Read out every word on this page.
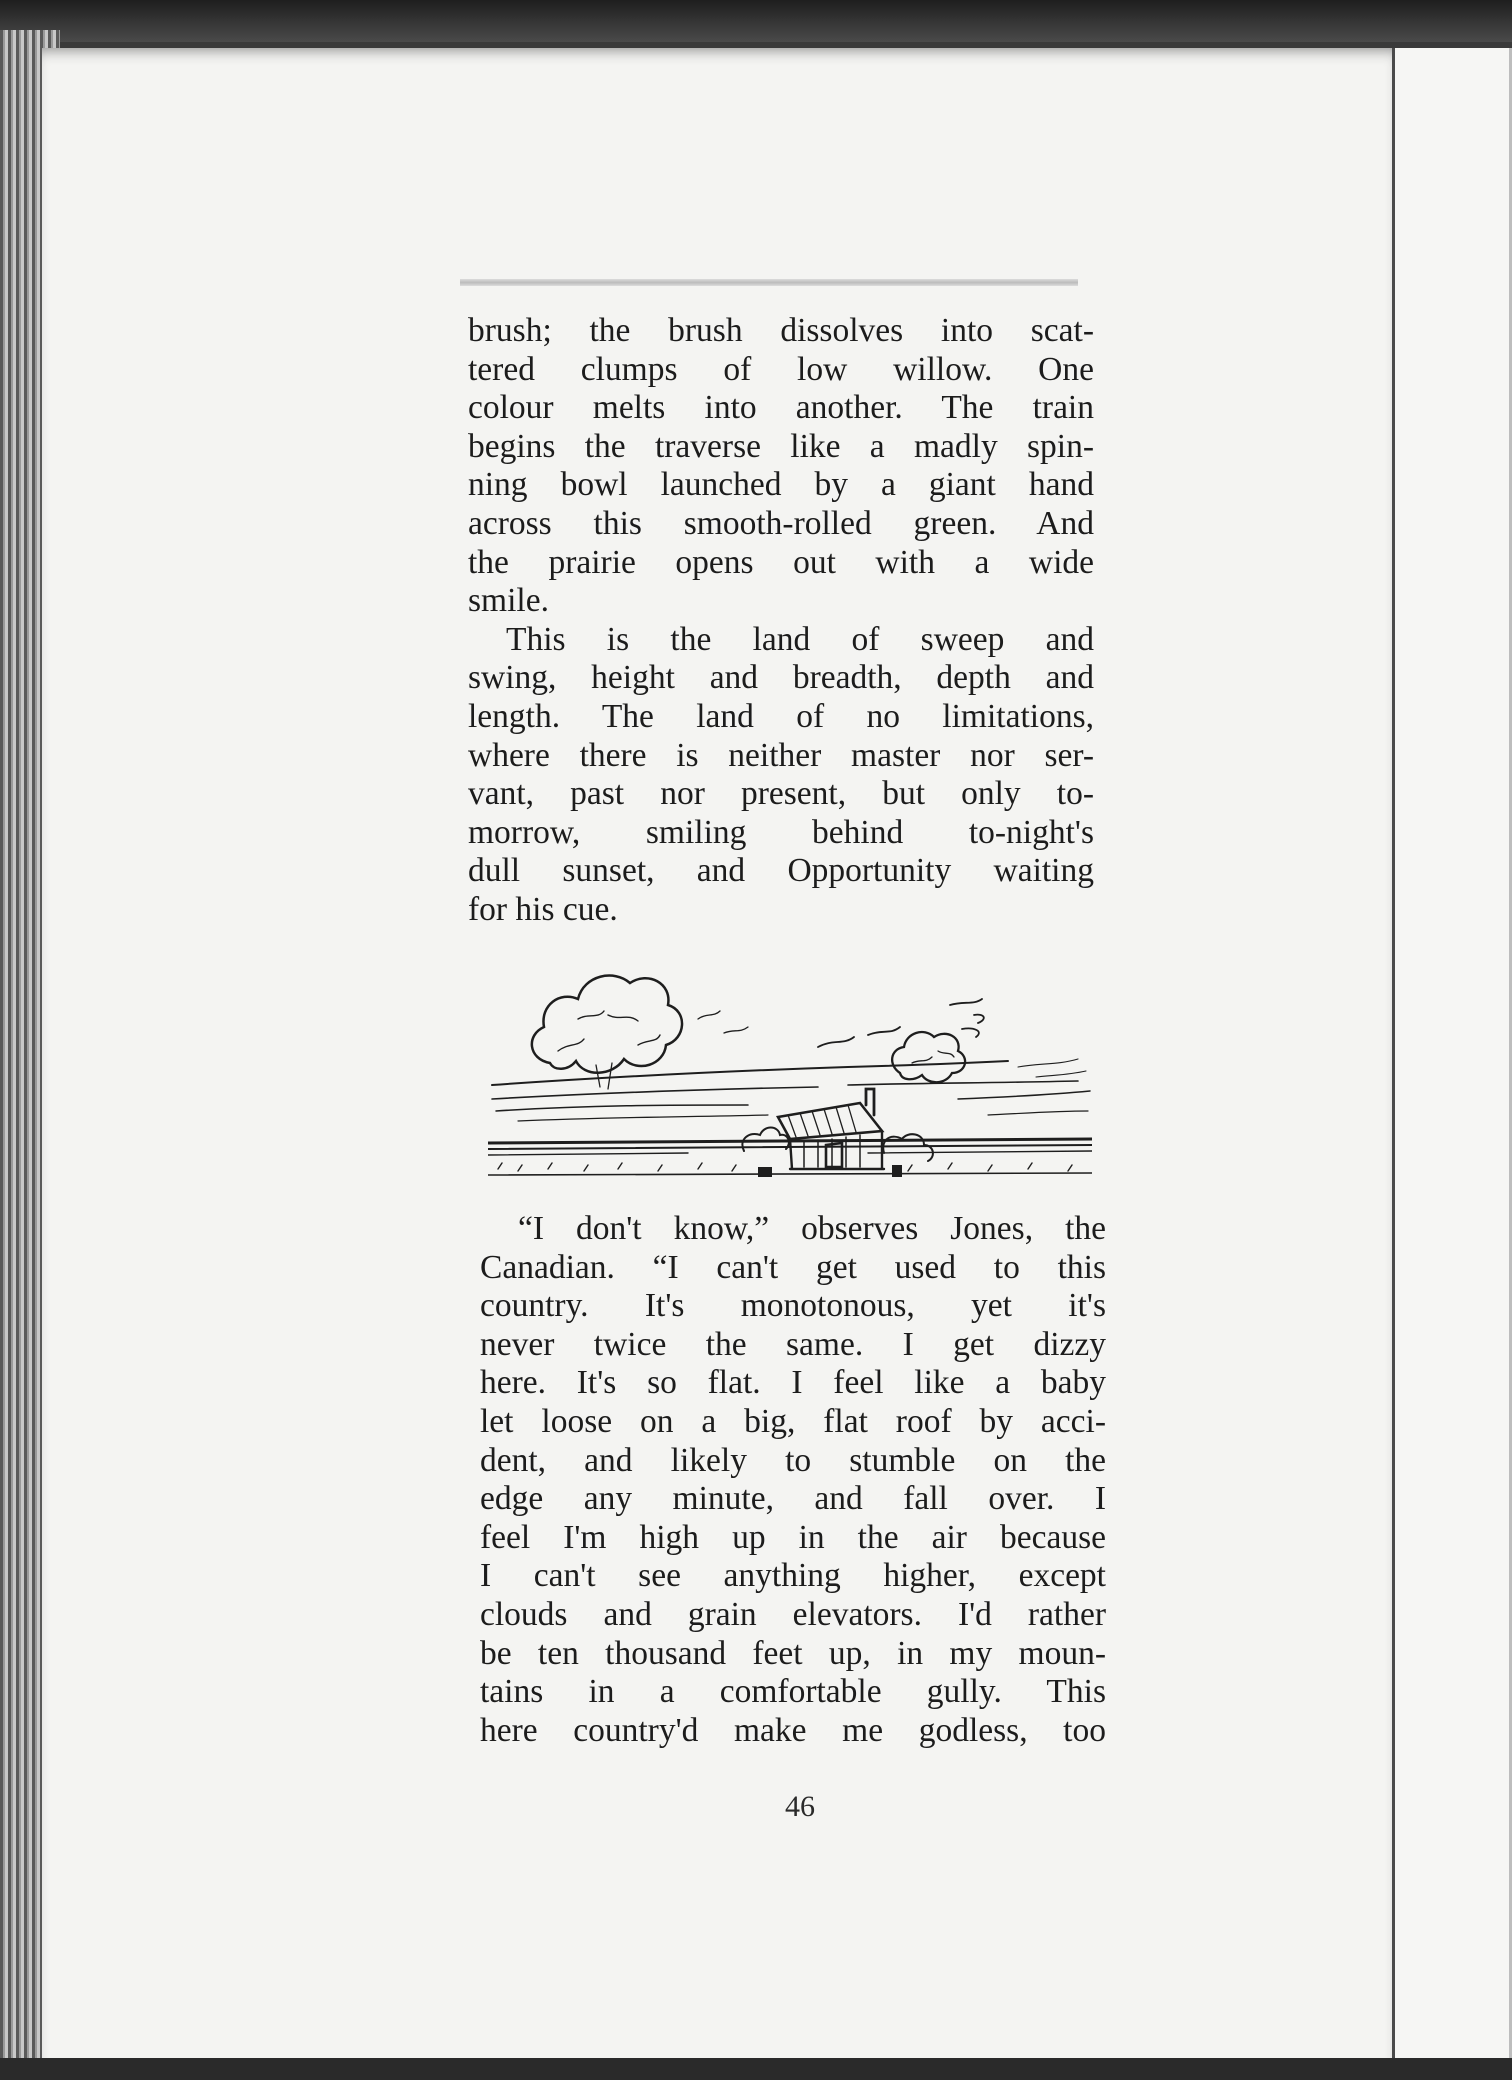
brush; the brush dissolves into scat-
tered clumps of low willow. One
colour melts into another. The train
begins the traverse like a madly spin-
ning bowl launched by a giant hand
across this smooth-rolled green. And
the prairie opens out with a wide
smile.
This is the land of sweep and
swing, height and breadth, depth and
length. The land of no limitations,
where there is neither master nor ser-
vant, past nor present, but only to-
morrow, smiling behind to-night's
dull sunset, and Opportunity waiting
for his cue.
“I don't know,” observes Jones, the
Canadian. “I can't get used to this
country. It's monotonous, yet it's
never twice the same. I get dizzy
here. It's so flat. I feel like a baby
let loose on a big, flat roof by acci-
dent, and likely to stumble on the
edge any minute, and fall over. I
feel I'm high up in the air because
I can't see anything higher, except
clouds and grain elevators. I'd rather
be ten thousand feet up, in my moun-
tains in a comfortable gully. This
here country'd make me godless, too
46
